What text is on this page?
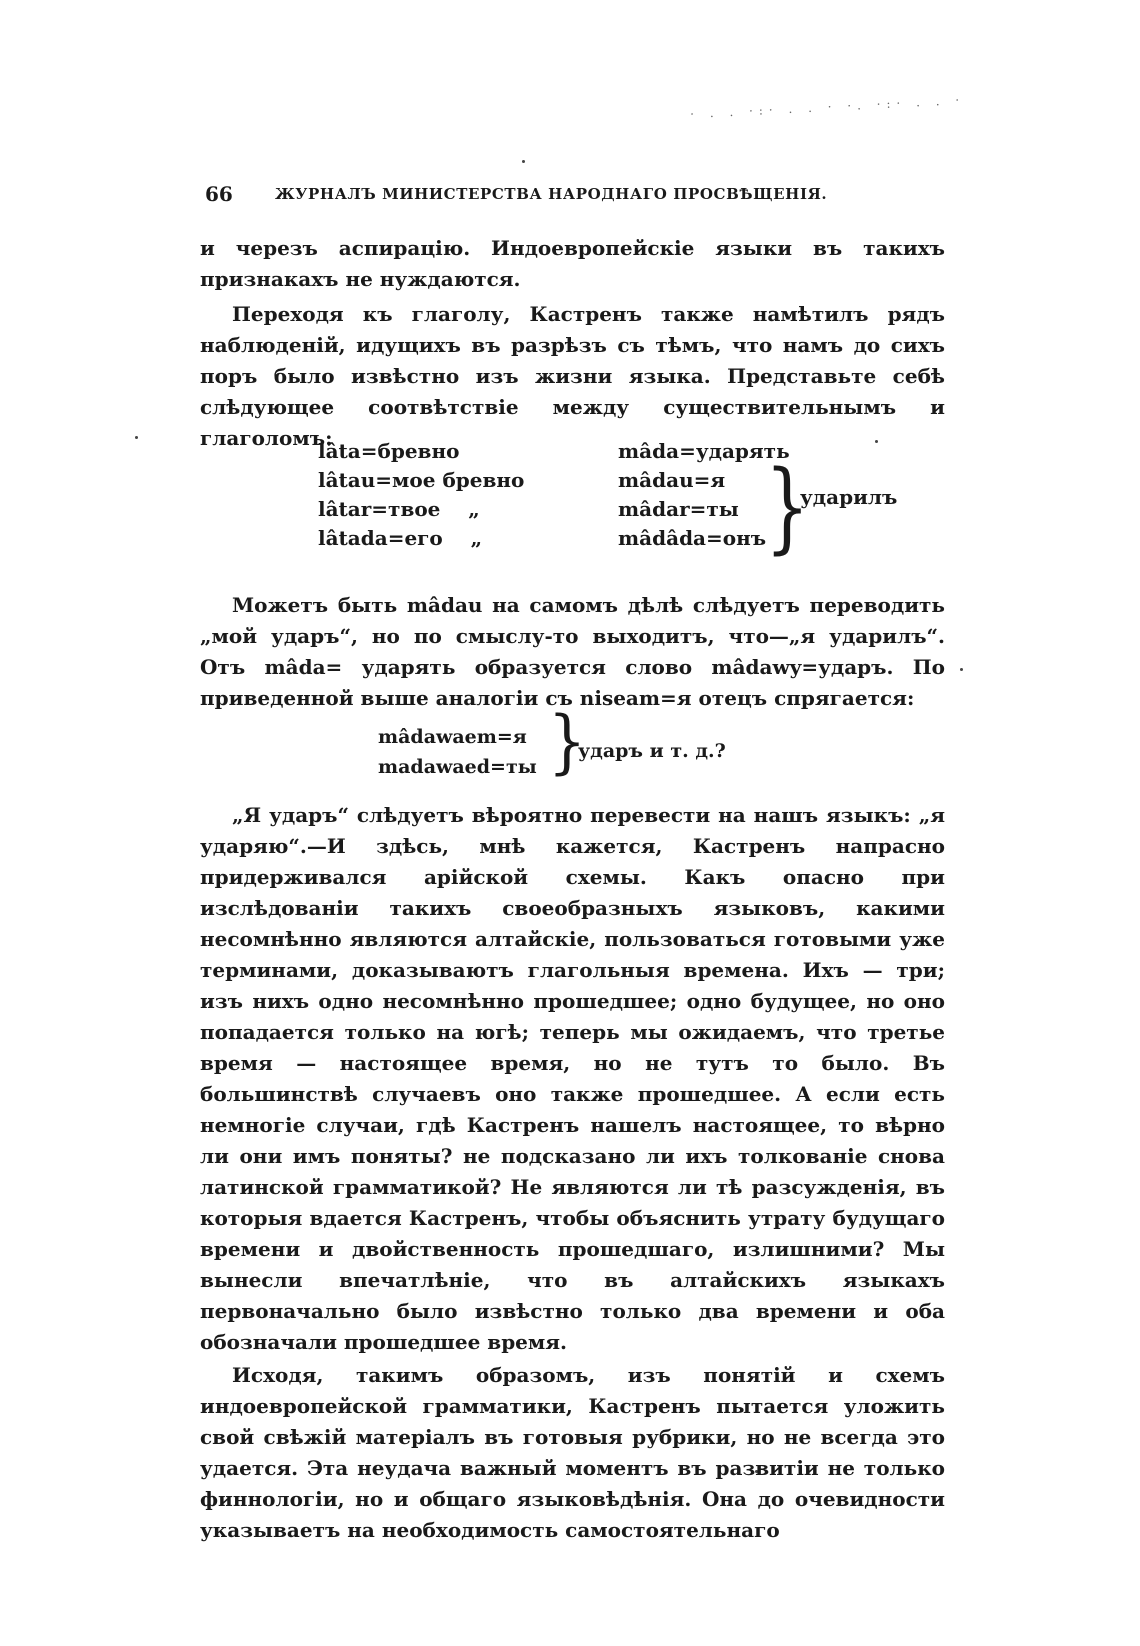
· . . ·:· . . · ·. ·:· . . ·
66	ЖУРНАЛЪ МИНИСТЕРСТВА НАРОДНАГО ПРОСВѢЩЕНІЯ.

и черезъ аспирацію. Индоевропейскіе языки въ такихъ признакахъ не нуждаются.

Переходя къ глаголу, Кастренъ также намѣтилъ рядъ наблюденій, идущихъ въ разрѣзъ съ тѣмъ, что намъ до сихъ поръ было извѣстно изъ жизни языка. Представьте себѣ слѣдующее соотвѣтствіе между существительнымъ и глаголомъ:

lâta=бревно
lâtau=мое бревно
lâtar=твое    „
lâtada=его    „
mâda=ударять
mâdau=я
mâdar=ты
mâdâda=онъ
}
ударилъ

Можетъ быть mâdau на самомъ дѣлѣ слѣдуетъ переводить „мой ударъ“, но по смыслу-то выходитъ, что—„я ударилъ“. Отъ mâda= ударять образуется слово mâdawy=ударъ. По приведенной выше аналогіи съ niseam=я отецъ спрягается:

mâdawaem=я
madawaed=ты }
ударъ и т. д.?

„Я ударъ“ слѣдуетъ вѣроятно перевести на нашъ языкъ: „я ударяю“.—И здѣсь, мнѣ кажется, Кастренъ напрасно придерживался арійской схемы. Какъ опасно при изслѣдованіи такихъ своеобразныхъ языковъ, какими несомнѣнно являются алтайскіе, пользоваться готовыми уже терминами, доказываютъ глагольныя времена. Ихъ — три; изъ нихъ одно несомнѣнно прошедшее; одно будущее, но оно попадается только на югѣ; теперь мы ожидаемъ, что третье время — настоящее время, но не тутъ то было. Въ большинствѣ случаевъ оно также прошедшее. А если есть немногіе случаи, гдѣ Кастренъ нашелъ настоящее, то вѣрно ли они имъ поняты? не подсказано ли ихъ толкованіе снова латинской грамматикой? Не являются ли тѣ разсужденія, въ которыя вдается Кастренъ, чтобы объяснить утрату будущаго времени и двойственность прошедшаго, излишними? Мы вынесли впечатлѣніе, что въ алтайскихъ языкахъ первоначально было извѣстно только два времени и оба обозначали прошедшее время.

Исходя, такимъ образомъ, изъ понятій и схемъ индоевропейской грамматики, Кастренъ пытается уложить свой свѣжій матеріалъ въ готовыя рубрики, но не всегда это удается. Эта неудача важный моментъ въ развитіи не только финнологіи, но и общаго языковѣдѣнія. Она до очевидности указываетъ на необходимость самостоятельнаго
